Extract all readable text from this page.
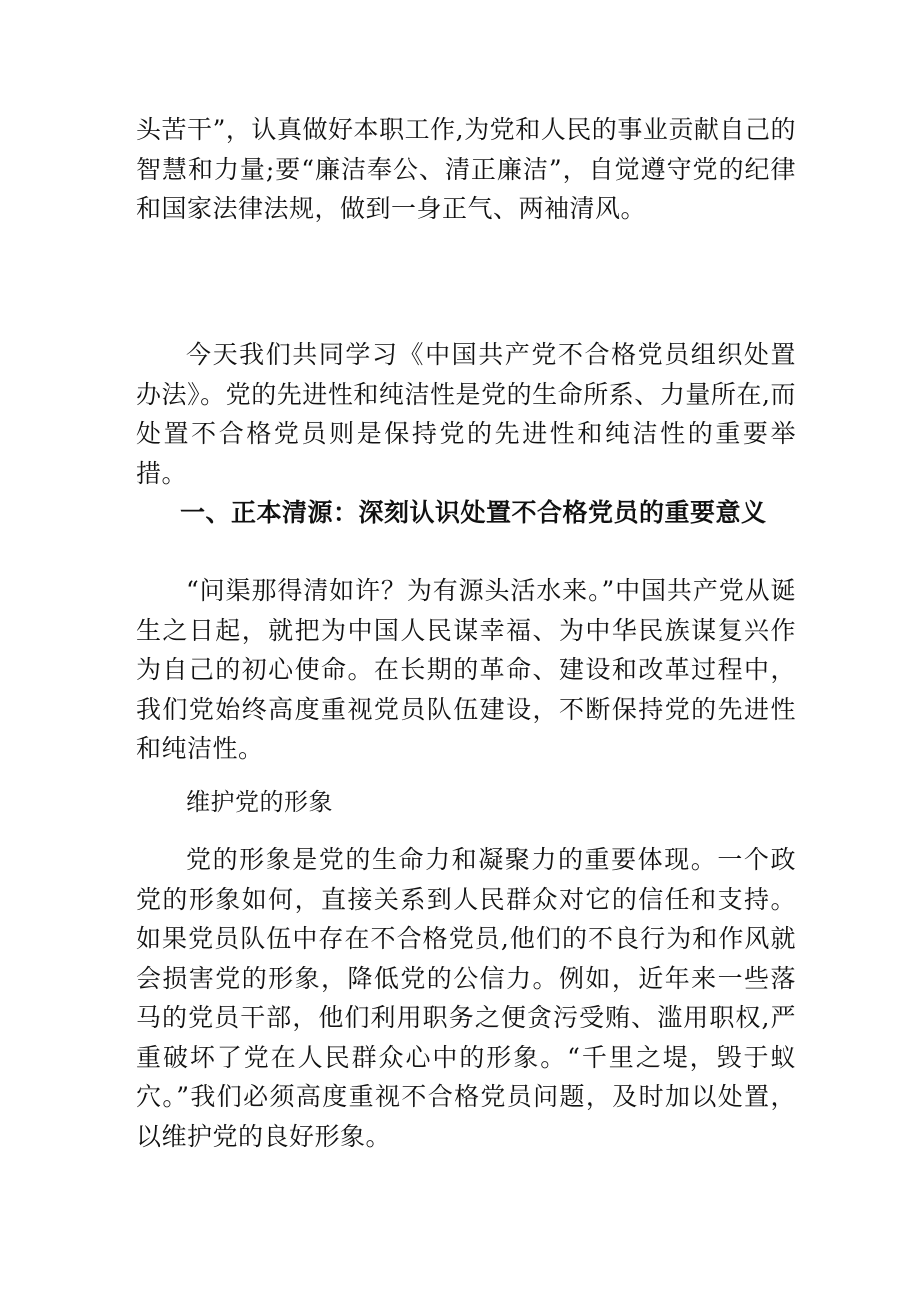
头苦干”，认真做好本职工作,为党和人民的事业贡献自己的智慧和力量;要“廉洁奉公、清正廉洁”，自觉遵守党的纪律和国家法律法规，做到一身正气、两袖清风。

今天我们共同学习《中国共产党不合格党员组织处置办法》。党的先进性和纯洁性是党的生命所系、力量所在,而处置不合格党员则是保持党的先进性和纯洁性的重要举措。

一、正本清源：深刻认识处置不合格党员的重要意义

“问渠那得清如许？为有源头活水来。”中国共产党从诞生之日起，就把为中国人民谋幸福、为中华民族谋复兴作为自己的初心使命。在长期的革命、建设和改革过程中，我们党始终高度重视党员队伍建设，不断保持党的先进性和纯洁性。

维护党的形象

党的形象是党的生命力和凝聚力的重要体现。一个政党的形象如何，直接关系到人民群众对它的信任和支持。如果党员队伍中存在不合格党员,他们的不良行为和作风就会损害党的形象，降低党的公信力。例如，近年来一些落马的党员干部，他们利用职务之便贪污受贿、滥用职权,严重破坏了党在人民群众心中的形象。“千里之堤，毁于蚁穴。”我们必须高度重视不合格党员问题，及时加以处置，以维护党的良好形象。
